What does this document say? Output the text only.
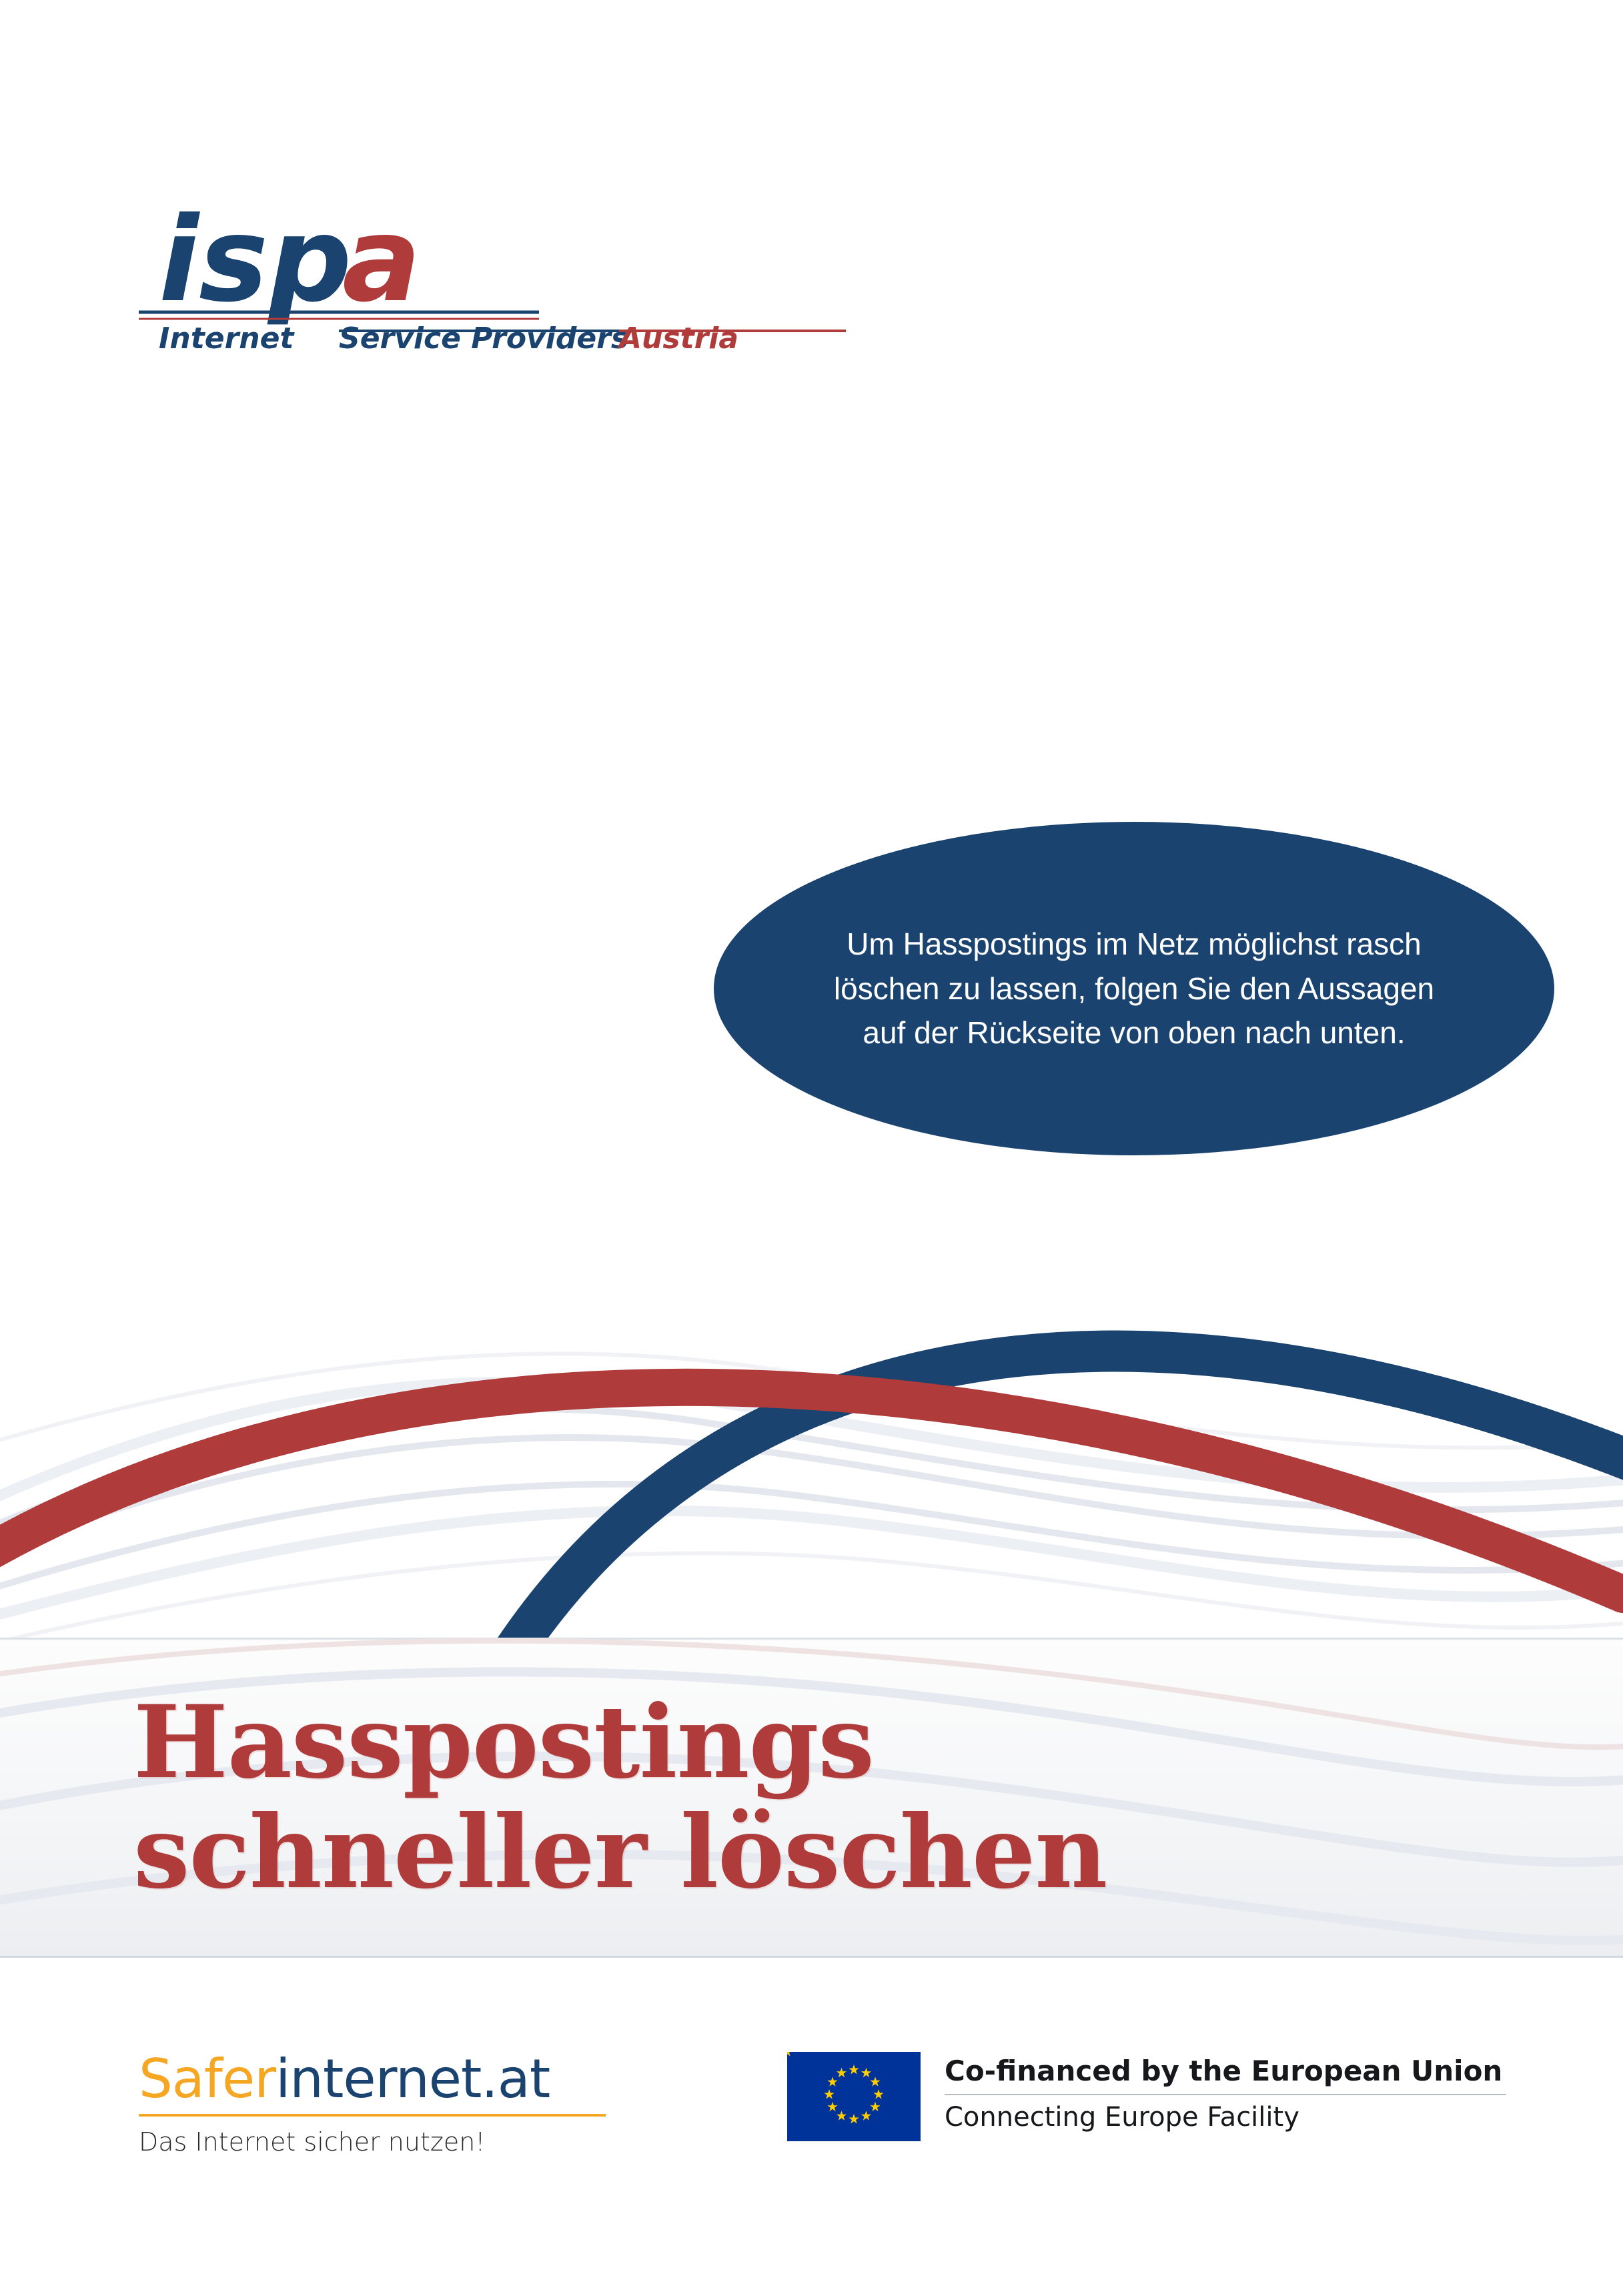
isp
a
Internet Service Providers
Austria
Um Hasspostings im Netz möglichst rasch löschen zu lassen, folgen Sie den Aussagen auf der Rückseite von oben nach unten.
Hasspostings
schneller löschen
Saferinternet.at
Das Internet sicher nutzen!
Co-financed by the European Union
Connecting Europe Facility
